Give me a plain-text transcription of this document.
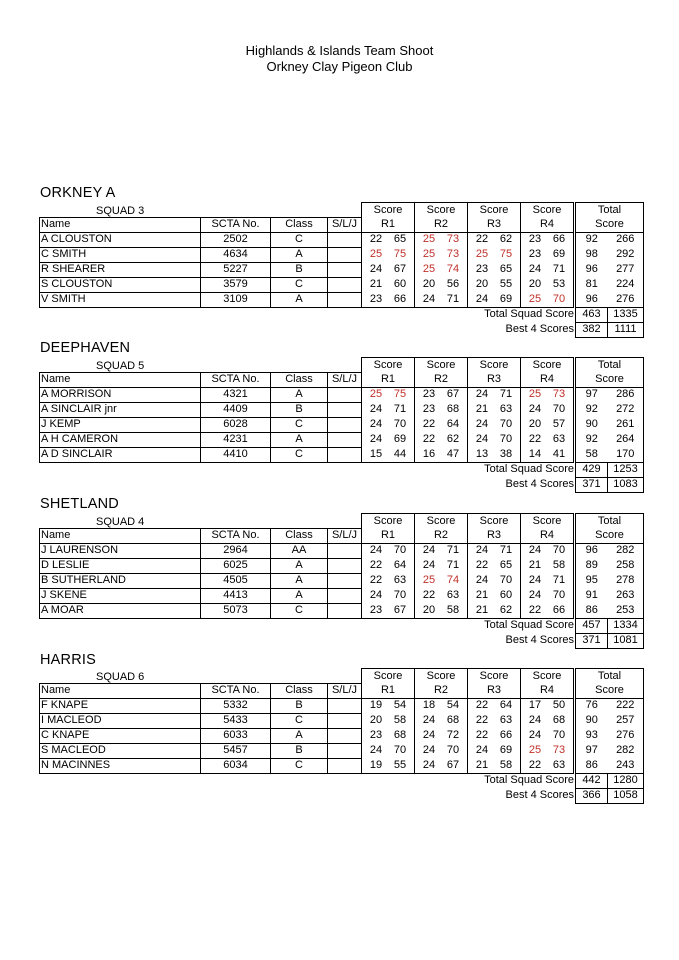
Highlands & Islands Team Shoot
Orkney Clay Pigeon Club
ORKNEY A
SQUAD 3
				Score	Score	Score	Score		Total	
Name	SCTA No.	Class	S/L/J	R1	R2	R3	R4		Score	
A CLOUSTON	2502	C		22 65	25 73	22 62	23 66		92	266
C SMITH	4634	A		25 75	25 73	25 75	23 69		98	292
R SHEARER	5227	B		24 67	25 74	23 65	24 71		96	277
S CLOUSTON	3579	C		21 60	20 56	20 55	20 53		81	224
V SMITH	3109	A		23 66	24 71	24 69	25 70		96	276
Total Squad Score									463	1335
Best 4 Scores									382	1111
DEEPHAVEN
SQUAD 5
				Score	Score	Score	Score		Total	
Name	SCTA No.	Class	S/L/J	R1	R2	R3	R4		Score	
A MORRISON	4321	A		25 75	23 67	24 71	25 73		97	286
A SINCLAIR jnr	4409	B		24 71	23 68	21 63	24 70		92	272
J KEMP	6028	C		24 70	22 64	24 70	20 57		90	261
A H CAMERON	4231	A		24 69	22 62	24 70	22 63		92	264
A D SINCLAIR	4410	C		15 44	16 47	13 38	14 41		58	170
Total Squad Score									429	1253
Best 4 Scores									371	1083
SHETLAND
SQUAD 4
				Score	Score	Score	Score		Total	
Name	SCTA No.	Class	S/L/J	R1	R2	R3	R4		Score	
J LAURENSON	2964	AA		24 70	24 71	24 71	24 70		96	282
D LESLIE	6025	A		22 64	24 71	22 65	21 58		89	258
B SUTHERLAND	4505	A		22 63	25 74	24 70	24 71		95	278
J SKENE	4413	A		24 70	22 63	21 60	24 70		91	263
A MOAR	5073	C		23 67	20 58	21 62	22 66		86	253
Total Squad Score									457	1334
Best 4 Scores									371	1081
HARRIS
SQUAD 6
				Score	Score	Score	Score		Total	
Name	SCTA No.	Class	S/L/J	R1	R2	R3	R4		Score	
F KNAPE	5332	B		19 54	18 54	22 64	17 50		76	222
I MACLEOD	5433	C		20 58	24 68	22 63	24 68		90	257
C KNAPE	6033	A		23 68	24 72	22 66	24 70		93	276
S MACLEOD	5457	B		24 70	24 70	24 69	25 73		97	282
N MACINNES	6034	C		19 55	24 67	21 58	22 63		86	243
Total Squad Score									442	1280
Best 4 Scores									366	1058
